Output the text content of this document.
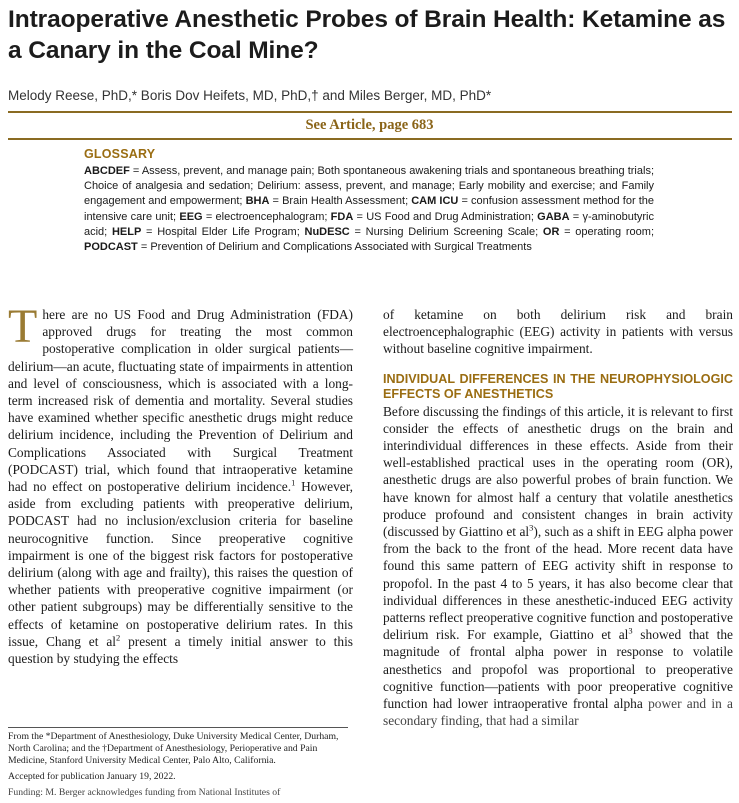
Intraoperative Anesthetic Probes of Brain Health: Ketamine as a Canary in the Coal Mine?

Melody Reese, PhD,* Boris Dov Heifets, MD, PhD,† and Miles Berger, MD, PhD*

See Article, page 683
GLOSSARY

ABCDEF = Assess, prevent, and manage pain; Both spontaneous awakening trials and spontaneous breathing trials; Choice of analgesia and sedation; Delirium: assess, prevent, and manage; Early mobility and exercise; and Family engagement and empowerment; BHA = Brain Health Assessment; CAM ICU = confusion assessment method for the intensive care unit; EEG = electroencephalogram; FDA = US Food and Drug Administration; GABA = γ-aminobutyric acid; HELP = Hospital Elder Life Program; NuDESC = Nursing Delirium Screening Scale; OR = operating room; PODCAST = Prevention of Delirium and Complications Associated with Surgical Treatments

There are no US Food and Drug Administration (FDA) approved drugs for treating the most common postoperative complication in older surgical patients—delirium—an acute, fluctuating state of impairments in attention and level of consciousness, which is associated with a long-term increased risk of dementia and mortality. Several studies have examined whether specific anesthetic drugs might reduce delirium incidence, including the Prevention of Delirium and Complications Associated with Surgical Treatment (PODCAST) trial, which found that intraoperative ketamine had no effect on postoperative delirium incidence.$^1$ However, aside from excluding patients with preoperative delirium, PODCAST had no inclusion/exclusion criteria for baseline neurocognitive function. Since preoperative cognitive impairment is one of the biggest risk factors for postoperative delirium (along with age and frailty), this raises the question of whether patients with preoperative cognitive impairment (or other patient subgroups) may be differentially sensitive to the effects of ketamine on postoperative delirium rates. In this issue, Chang et $al^2$ present a timely initial answer to this question by studying the effects

of ketamine on both delirium risk and brain electroencephalographic (EEG) activity in patients with versus without baseline cognitive impairment.

INDIVIDUAL DIFFERENCES IN THE NEUROPHYSIOLOGIC EFFECTS OF ANESTHETICS

Before discussing the findings of this article, it is relevant to first consider the effects of anesthetic drugs on the brain and interindividual differences in these effects. Aside from their well-established practical uses in the operating room (OR), anesthetic drugs are also powerful probes of brain function. We have known for almost half a century that volatile anesthetics produce profound and consistent changes in brain activity (discussed by Giattino et $al^3$), such as a shift in EEG alpha power from the back to the front of the head. More recent data have found this same pattern of EEG activity shift in response to propofol. In the past 4 to 5 years, it has also become clear that individual differences in these anesthetic-induced EEG activity patterns reflect preoperative cognitive function and postoperative delirium risk. For example, Giattino et $al^3$ showed that the magnitude of frontal alpha power in response to volatile anesthetics and propofol was proportional to preoperative cognitive function—patients with poor preoperative cognitive function had lower intraoperative frontal alpha power and in a secondary finding, that had a similar

From the *Department of Anesthesiology, Duke University Medical Center, Durham, North Carolina; and the †Department of Anesthesiology, Perioperative and Pain Medicine, Stanford University Medical Center, Palo Alto, California.

Accepted for publication January 19, 2022.

Funding: M. Berger acknowledges funding from National Institutes of
